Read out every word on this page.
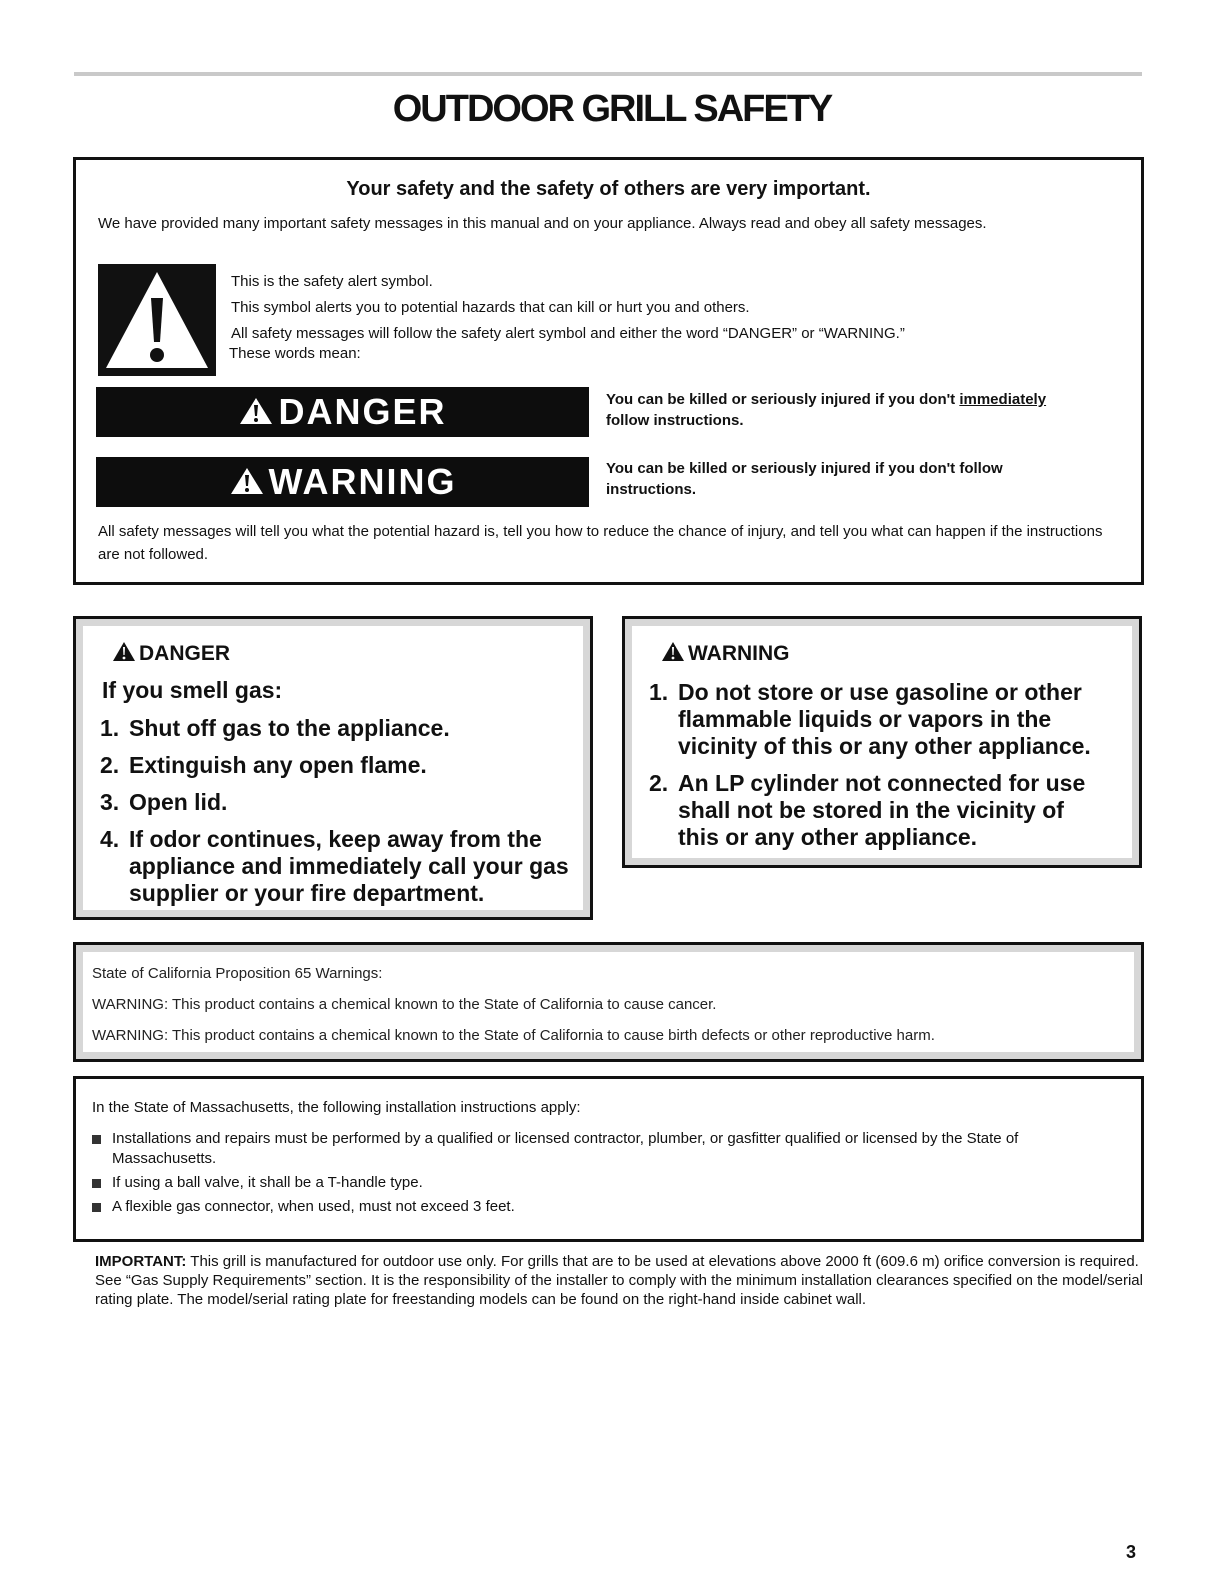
OUTDOOR GRILL SAFETY
Your safety and the safety of others are very important.
We have provided many important safety messages in this manual and on your appliance. Always read and obey all safety messages.
This is the safety alert symbol.
This symbol alerts you to potential hazards that can kill or hurt you and others.
All safety messages will follow the safety alert symbol and either the word “DANGER” or “WARNING.”
These words mean:
DANGER	You can be killed or seriously injured if you don't immediately
follow instructions.
WARNING	You can be killed or seriously injured if you don't follow instructions.
All safety messages will tell you what the potential hazard is, tell you how to reduce the chance of injury, and tell you what can happen if the instructions are not followed.
DANGER
If you smell gas:
1. Shut off gas to the appliance.
2. Extinguish any open flame.
3. Open lid.
4. If odor continues, keep away from the appliance and immediately call your gas supplier or your fire department.
WARNING
1. Do not store or use gasoline or other flammable liquids or vapors in the vicinity of this or any other appliance.
2. An LP cylinder not connected for use shall not be stored in the vicinity of this or any other appliance.
State of California Proposition 65 Warnings:
WARNING: This product contains a chemical known to the State of California to cause cancer.
WARNING: This product contains a chemical known to the State of California to cause birth defects or other reproductive harm.
In the State of Massachusetts, the following installation instructions apply:
Installations and repairs must be performed by a qualified or licensed contractor, plumber, or gasfitter qualified or licensed by the State of Massachusetts.
If using a ball valve, it shall be a T-handle type.
A flexible gas connector, when used, must not exceed 3 feet.
IMPORTANT: This grill is manufactured for outdoor use only. For grills that are to be used at elevations above 2000 ft (609.6 m) orifice conversion is required. See “Gas Supply Requirements” section. It is the responsibility of the installer to comply with the minimum installation clearances specified on the model/serial rating plate. The model/serial rating plate for freestanding models can be found on the right-hand inside cabinet wall.
3
